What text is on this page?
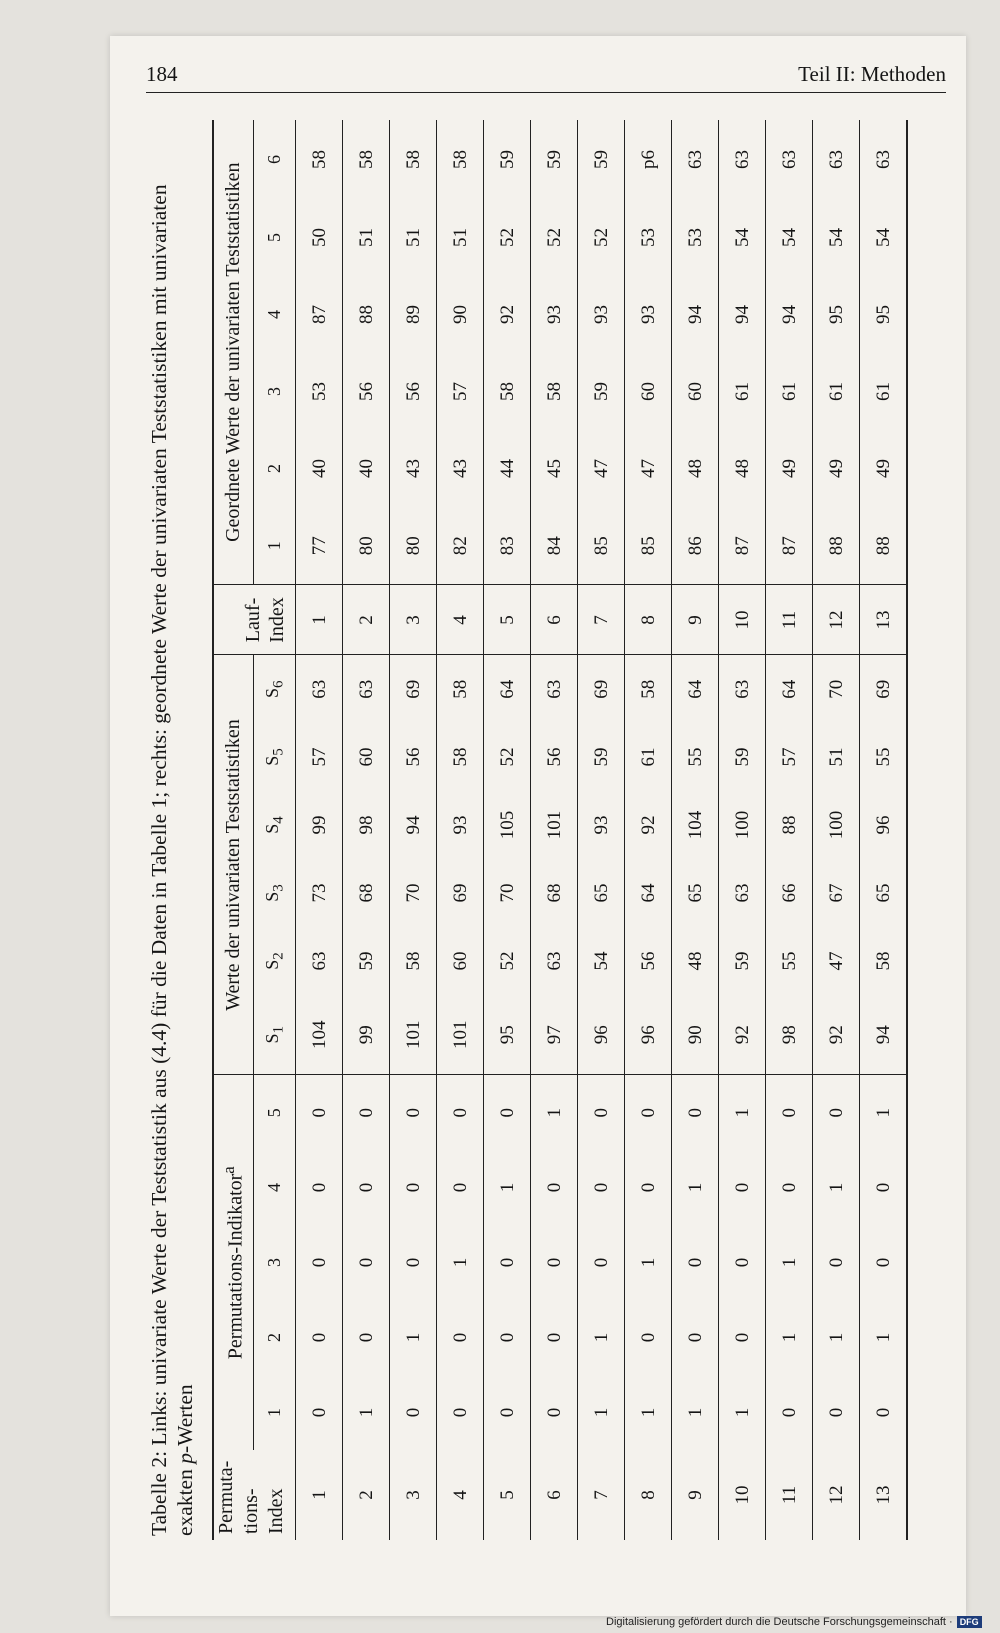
184	Teil II: Methoden
Tabelle 2: Links: univariate Werte der Teststatistik aus (4.4) für die Daten in Tabelle 1; rechts: geordnete Werte der univariaten Teststatistiken mit univariaten exakten p-Werten
Permuta-tions-Index	Permutations-Indikator$^a$					Werte der univariaten Teststatistiken						Lauf-Index	Geordnete Werte der univariaten Teststatistiken					
	1	2	3	4	5	$S_1$	$S_2$	$S_3$	$S_4$	$S_5$	$S_6$		1	2	3	4	5	6
1	0	0	0	0	0	104	63	73	99	57	63	1	77	40	53	87	50	58
2	1	0	0	0	0	99	59	68	98	60	63	2	80	40	56	88	51	58
3	0	1	0	0	0	101	58	70	94	56	69	3	80	43	56	89	51	58
4	0	0	1	0	0	101	60	69	93	58	58	4	82	43	57	90	51	58
5	0	0	0	1	0	95	52	70	105	52	64	5	83	44	58	92	52	59
6	0	0	0	0	1	97	63	68	101	56	63	6	84	45	58	93	52	59
7	1	1	0	0	0	96	54	65	93	59	69	7	85	47	59	93	52	59
8	1	0	1	0	0	96	56	64	92	61	58	8	85	47	60	93	53	p6
9	1	0	0	1	0	90	48	65	104	55	64	9	86	48	60	94	53	63
10	1	0	0	0	1	92	59	63	100	59	63	10	87	48	61	94	54	63
11	0	1	1	0	0	98	55	66	88	57	64	11	87	49	61	94	54	63
12	0	1	0	1	0	92	47	67	100	51	70	12	88	49	61	95	54	63
13	0	1	0	0	1	94	58	65	96	55	69	13	88	49	61	95	54	63
Digitalisierung gefördert durch die Deutsche Forschungsgemeinschaft · DFG
